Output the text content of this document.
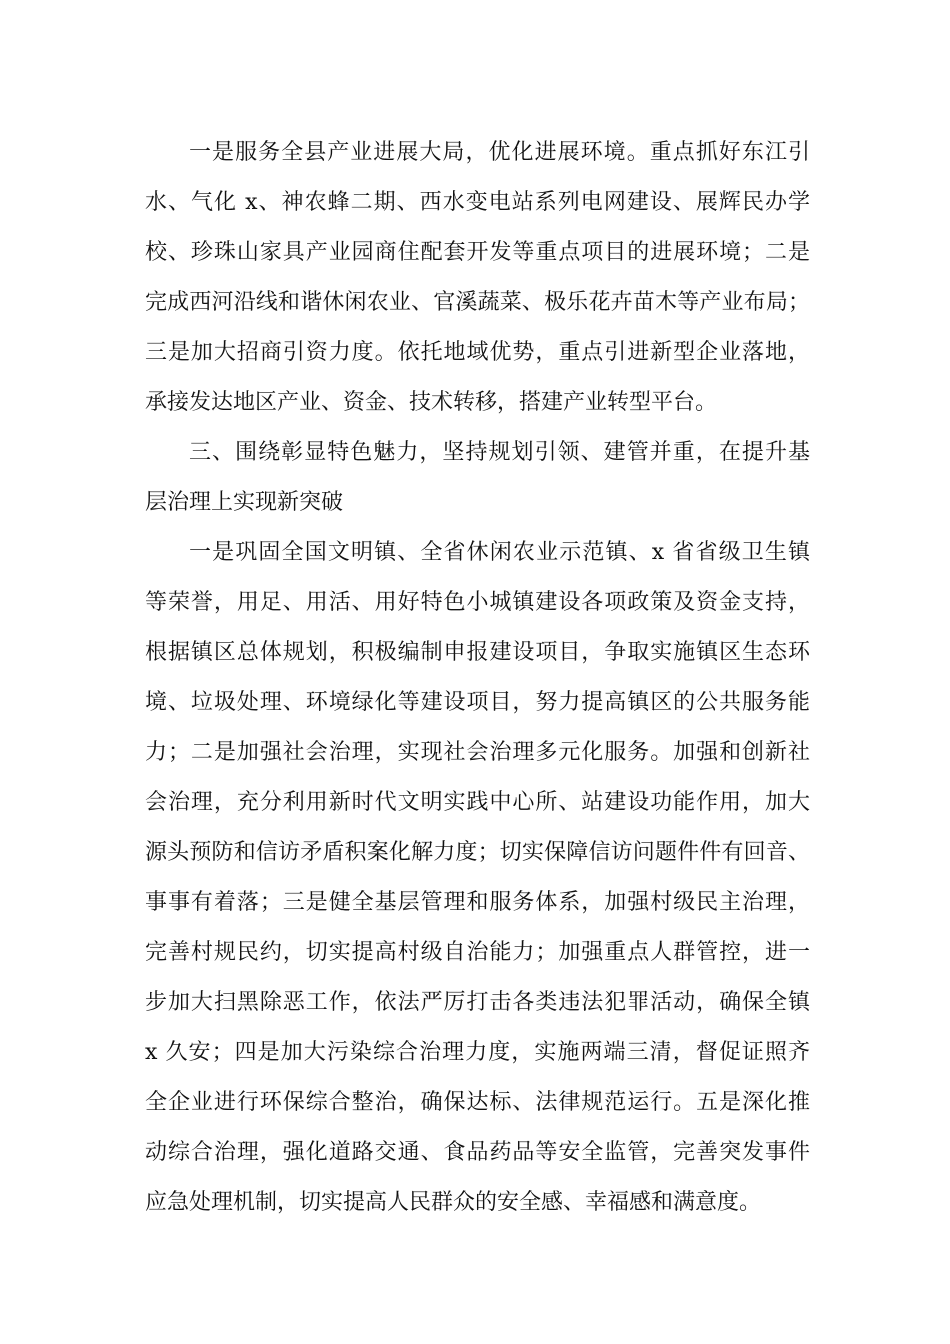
一是服务全县产业进展大局，优化进展环境。重点抓好东江引
水、气化 x、神农蜂二期、西水变电站系列电网建设、展辉民办学
校、珍珠山家具产业园商住配套开发等重点项目的进展环境；二是
完成西河沿线和谐休闲农业、官溪蔬菜、极乐花卉苗木等产业布局；
三是加大招商引资力度。依托地域优势，重点引进新型企业落地，
承接发达地区产业、资金、技术转移，搭建产业转型平台。
三、围绕彰显特色魅力，坚持规划引领、建管并重，在提升基
层治理上实现新突破
一是巩固全国文明镇、全省休闲农业示范镇、x 省省级卫生镇
等荣誉，用足、用活、用好特色小城镇建设各项政策及资金支持，
根据镇区总体规划，积极编制申报建设项目，争取实施镇区生态环
境、垃圾处理、环境绿化等建设项目，努力提高镇区的公共服务能
力；二是加强社会治理，实现社会治理多元化服务。加强和创新社
会治理，充分利用新时代文明实践中心所、站建设功能作用，加大
源头预防和信访矛盾积案化解力度；切实保障信访问题件件有回音、
事事有着落；三是健全基层管理和服务体系，加强村级民主治理，
完善村规民约，切实提高村级自治能力；加强重点人群管控，进一
步加大扫黑除恶工作，依法严厉打击各类违法犯罪活动，确保全镇
x 久安；四是加大污染综合治理力度，实施两端三清，督促证照齐
全企业进行环保综合整治，确保达标、法律规范运行。五是深化推
动综合治理，强化道路交通、食品药品等安全监管，完善突发事件
应急处理机制，切实提高人民群众的安全感、幸福感和满意度。
